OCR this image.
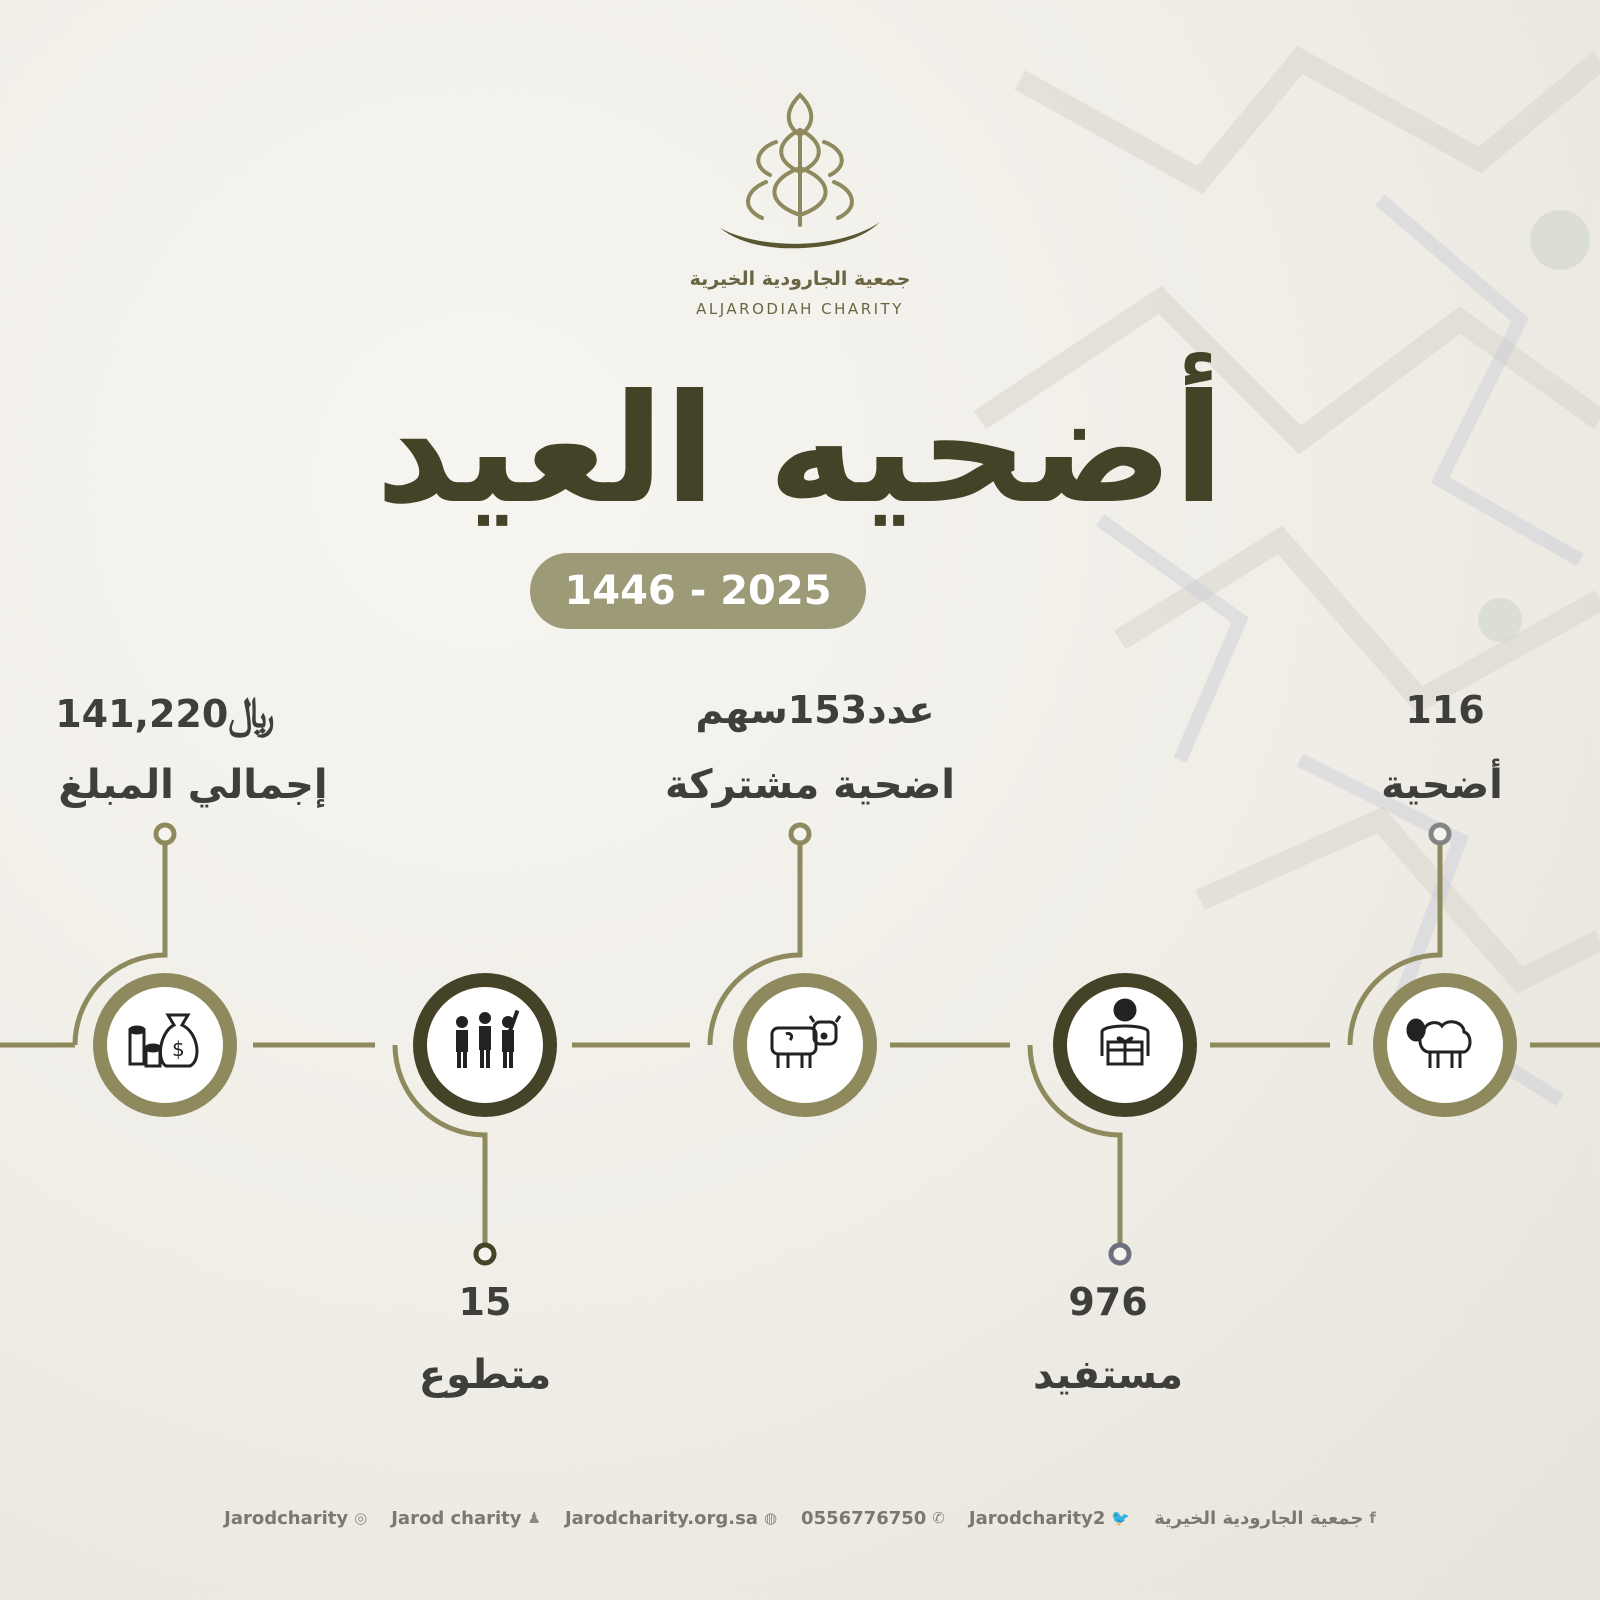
جمعية الجارودية الخيرية
ALJARODIAH CHARITY
أضحيه العيد
1446 - 2025
$
﷼141,220
إجمالي المبلغ
15
متطوع
عدد153سهم
اضحية مشتركة
976
مستفيد
116
أضحية
f
جمعية الجارودية الخيرية
🐦
Jarodcharity2
✆
0556776750
◍
Jarodcharity.org.sa
♟
Jarod charity
◎
Jarodcharity
